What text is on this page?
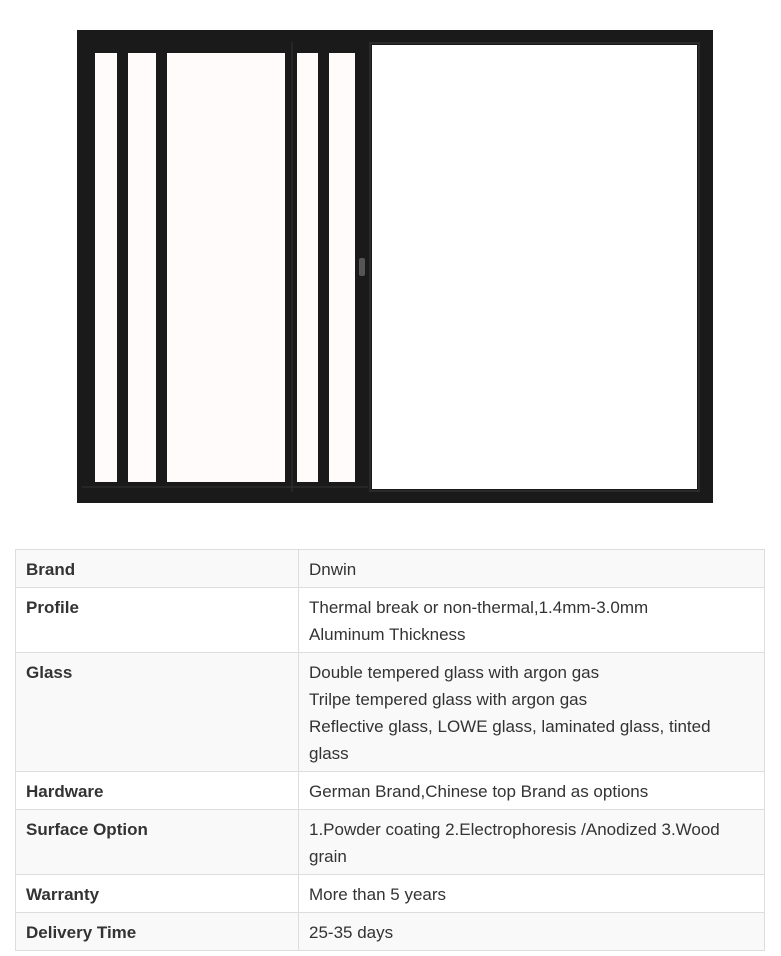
Brand	Dnwin

Profile	Thermal break or non-thermal,1.4mm-3.0mm
Aluminum Thickness

Glass	Double tempered glass with argon gas
Trilpe tempered glass with argon gas
Reflective glass, LOWE glass, laminated glass, tinted
glass

Hardware	German Brand,Chinese top Brand as options

Surface Option	1.Powder coating 2.Electrophoresis /Anodized 3.Wood
grain

Warranty	More than 5 years

Delivery Time	25-35 days
